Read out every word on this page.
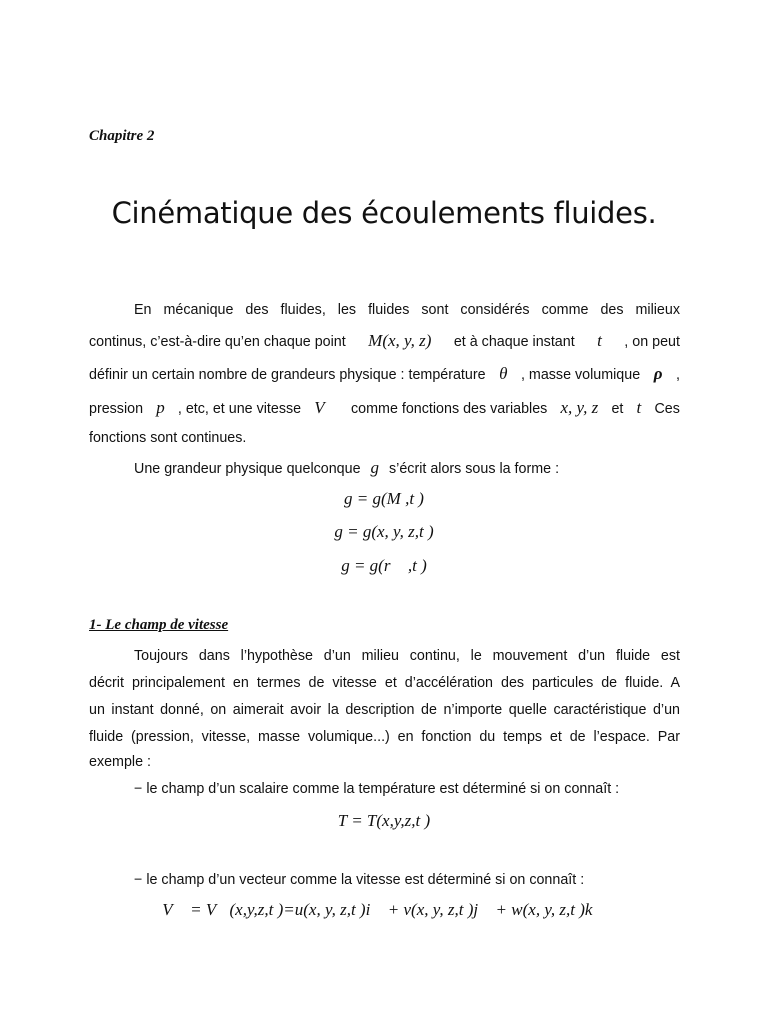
Chapitre 2
Cinématique des écoulements fluides.
En mécanique des fluides, les fluides sont considérés comme des milieux
continus, c’est-à-dire qu’en chaque point M(x, y, z) et à chaque instant t , on peut
définir un certain nombre de grandeurs physique : température θ , masse volumique ρ ,
pression p , etc, et une vitesse V⃗ comme fonctions des variables x, y, z et t Ces
fonctions sont continues.
Une grandeur physique quelconque g s’écrit alors sous la forme :
g = g(M ,t )
g = g(x, y, z,t )
g = g(r⃗ ,t )
1- Le champ de vitesse
Toujours dans l’hypothèse d’un milieu continu, le mouvement d’un fluide est
décrit principalement en termes de vitesse et d’accélération des particules de fluide. A
un instant donné, on aimerait avoir la description de n’importe quelle caractéristique d’un
fluide (pression, vitesse, masse volumique...) en fonction du temps et de l’espace. Par
exemple :
− le champ d’un scalaire comme la température est déterminé si on connaît :
T = T(x,y,z,t )
− le champ d’un vecteur comme la vitesse est déterminé si on connaît :
V⃗ = V⃗(x,y,z,t )=u(x, y, z,t )i⃗ + v(x, y, z,t )j⃗ + w(x, y, z,t )k⃗
